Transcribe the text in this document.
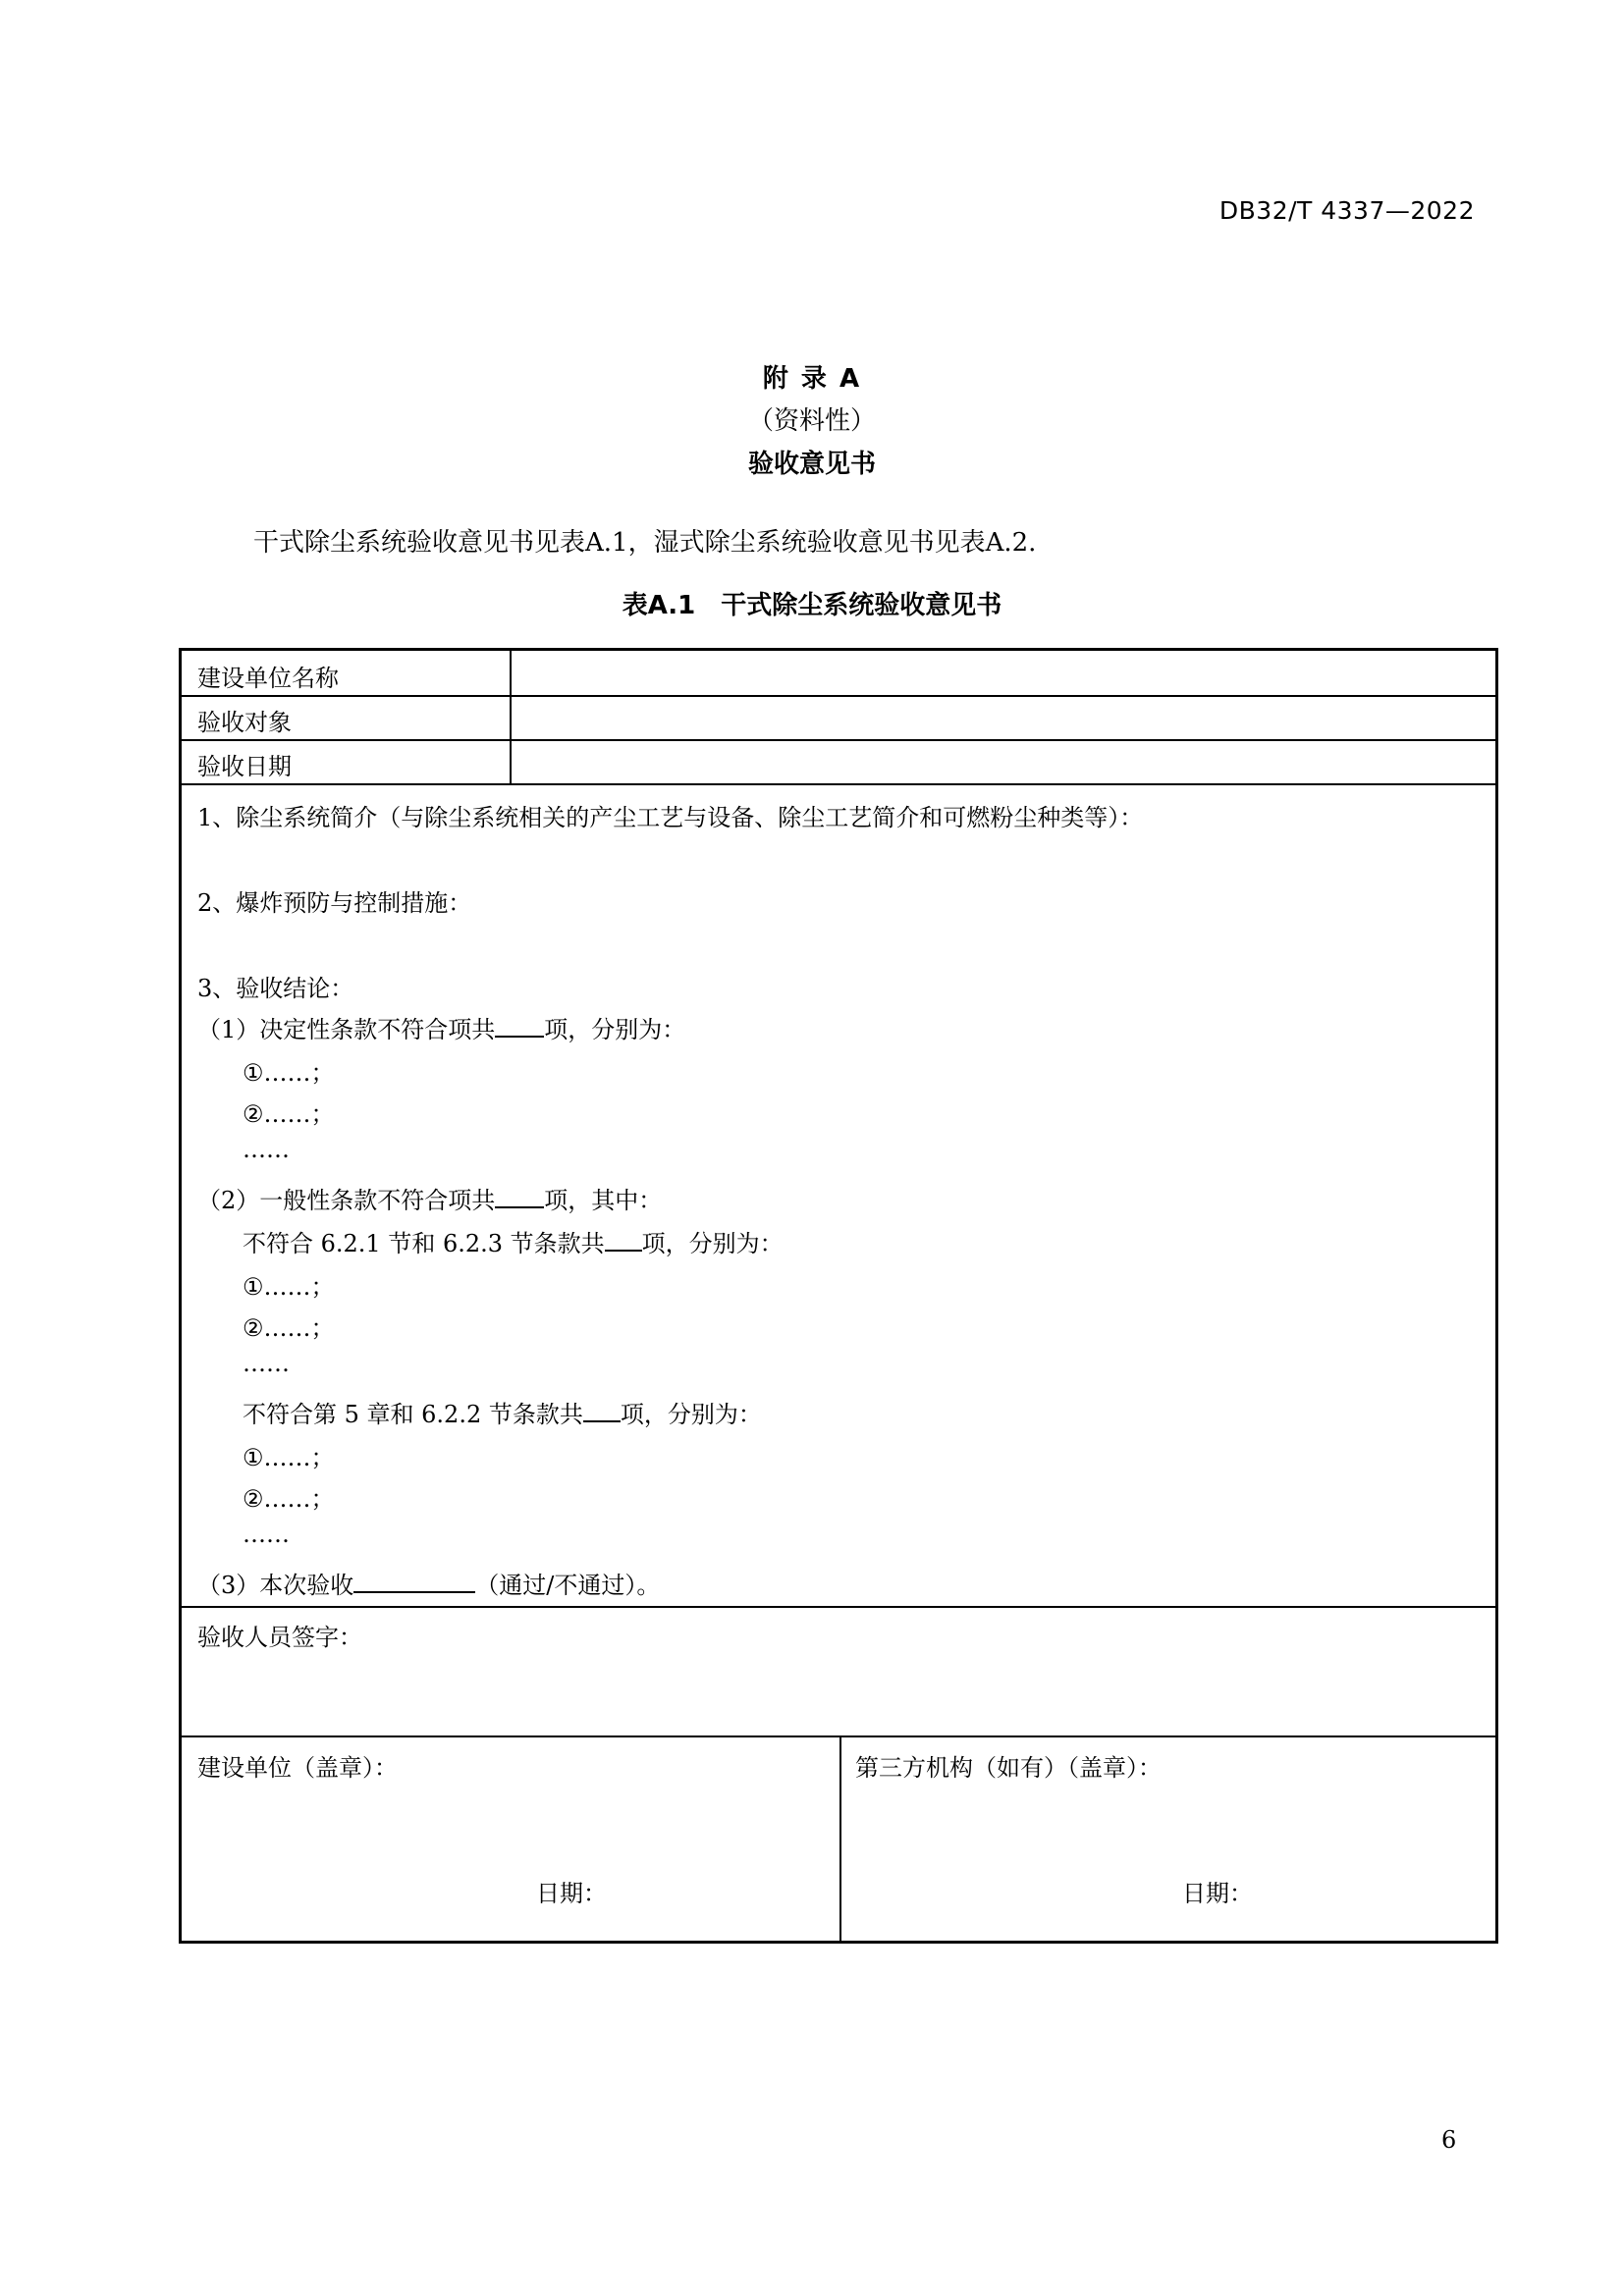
DB32/T 4337—2022
附 录 A
（资料性）
验收意见书
干式除尘系统验收意见书见表A.1，湿式除尘系统验收意见书见表A.2.
表A.1　干式除尘系统验收意见书
建设单位名称
验收对象
验收日期
1、除尘系统简介（与除尘系统相关的产尘工艺与设备、除尘工艺简介和可燃粉尘种类等）：
2、爆炸预防与控制措施：
3、验收结论：
（1）决定性条款不符合项共 项，分别为：
①……；
②……；
……
（2）一般性条款不符合项共 项，其中：
不符合 6.2.1 节和 6.2.3 节条款共 项，分别为：
①……；
②……；
……
不符合第 5 章和 6.2.2 节条款共 项，分别为：
①……；
②……；
……
（3）本次验收	（通过/不通过）。
验收人员签字：
建设单位（盖章）：
日期：
第三方机构（如有）（盖章）：
日期：
6
